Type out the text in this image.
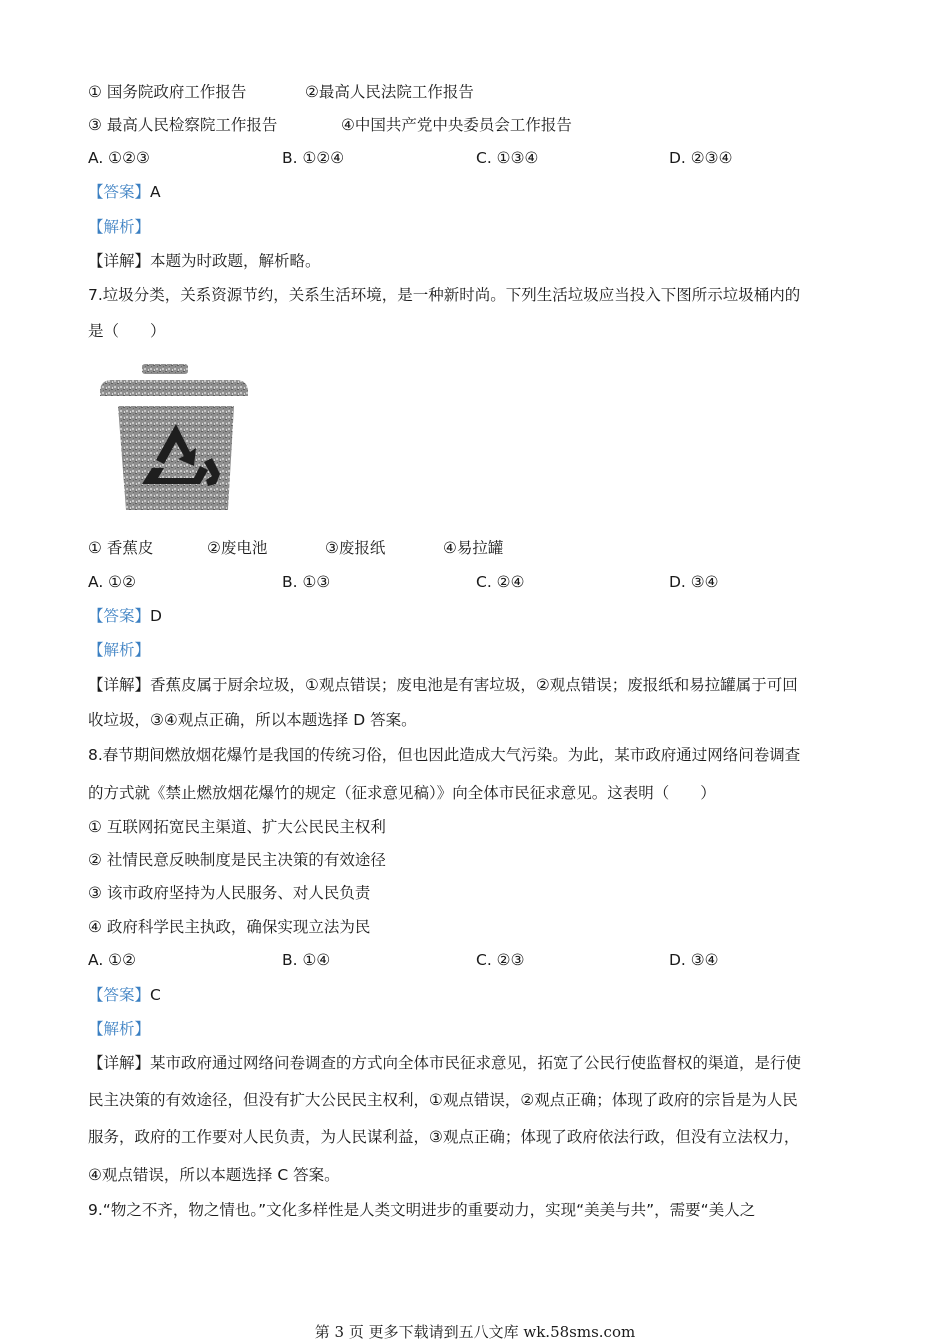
① 国务院政府工作报告	②最高人民法院工作报告
③ 最高人民检察院工作报告	④中国共产党中央委员会工作报告
A. ①②③	B. ①②④	C. ①③④	D. ②③④
【答案】A
【解析】
【详解】本题为时政题，解析略。
7.垃圾分类，关系资源节约，关系生活环境，是一种新时尚。下列生活垃圾应当投入下图所示垃圾桶内的
是（　　）
① 香蕉皮	②废电池	③废报纸	④易拉罐
A. ①②	B. ①③	C. ②④	D. ③④
【答案】D
【解析】
【详解】香蕉皮属于厨余垃圾，①观点错误；废电池是有害垃圾，②观点错误；废报纸和易拉罐属于可回
收垃圾，③④观点正确，所以本题选择 D 答案。
8.春节期间燃放烟花爆竹是我国的传统习俗，但也因此造成大气污染。为此，某市政府通过网络问卷调查
的方式就《禁止燃放烟花爆竹的规定（征求意见稿）》向全体市民征求意见。这表明（　　）
① 互联网拓宽民主渠道、扩大公民民主权利
② 社情民意反映制度是民主决策的有效途径
③ 该市政府坚持为人民服务、对人民负责
④ 政府科学民主执政，确保实现立法为民
A. ①②	B. ①④	C. ②③	D. ③④
【答案】C
【解析】
【详解】某市政府通过网络问卷调查的方式向全体市民征求意见，拓宽了公民行使监督权的渠道，是行使
民主决策的有效途径，但没有扩大公民民主权利，①观点错误，②观点正确；体现了政府的宗旨是为人民
服务，政府的工作要对人民负责，为人民谋利益，③观点正确；体现了政府依法行政，但没有立法权力，
④观点错误，所以本题选择 C 答案。
9.“物之不齐，物之情也。”文化多样性是人类文明进步的重要动力，实现“美美与共”，需要“美人之
第 3 页 更多下载请到五八文库 wk.58sms.com
